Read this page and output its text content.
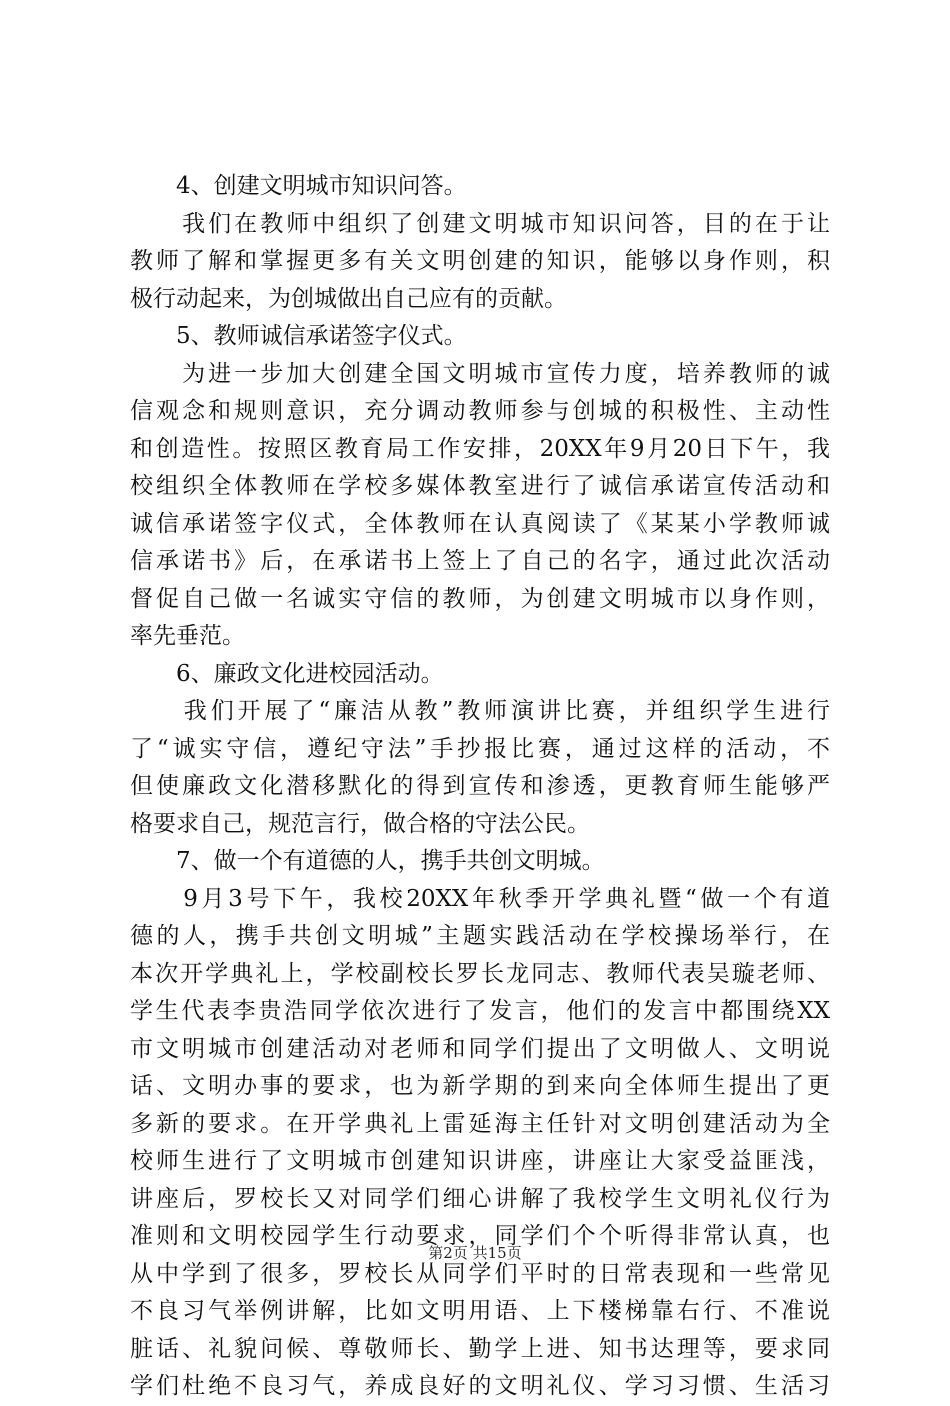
　　4、创建文明城市知识问答。
　　我们在教师中组织了创建文明城市知识问答，目的在于让
教师了解和掌握更多有关文明创建的知识，能够以身作则，积
极行动起来，为创城做出自己应有的贡献。
　　5、教师诚信承诺签字仪式。
　　为进一步加大创建全国文明城市宣传力度，培养教师的诚
信观念和规则意识，充分调动教师参与创城的积极性、主动性
和创造性。按照区教育局工作安排，20XX年9月20日下午，我
校组织全体教师在学校多媒体教室进行了诚信承诺宣传活动和
诚信承诺签字仪式，全体教师在认真阅读了《某某小学教师诚
信承诺书》后，在承诺书上签上了自己的名字，通过此次活动
督促自己做一名诚实守信的教师，为创建文明城市以身作则，
率先垂范。
　　6、廉政文化进校园活动。
　　我们开展了“廉洁从教”教师演讲比赛，并组织学生进行
了“诚实守信，遵纪守法”手抄报比赛，通过这样的活动，不
但使廉政文化潜移默化的得到宣传和渗透，更教育师生能够严
格要求自己，规范言行，做合格的守法公民。
　　7、做一个有道德的人，携手共创文明城。
　　9月3号下午，我校20XX年秋季开学典礼暨“做一个有道
德的人，携手共创文明城”主题实践活动在学校操场举行，在
本次开学典礼上，学校副校长罗长龙同志、教师代表吴璇老师、
学生代表李贵浩同学依次进行了发言，他们的发言中都围绕XX
市文明城市创建活动对老师和同学们提出了文明做人、文明说
话、文明办事的要求，也为新学期的到来向全体师生提出了更
多新的要求。在开学典礼上雷延海主任针对文明创建活动为全
校师生进行了文明城市创建知识讲座，讲座让大家受益匪浅，
讲座后，罗校长又对同学们细心讲解了我校学生文明礼仪行为
准则和文明校园学生行动要求，同学们个个听得非常认真，也
从中学到了很多，罗校长从同学们平时的日常表现和一些常见
不良习气举例讲解，比如文明用语、上下楼梯靠右行、不准说
脏话、礼貌问候、尊敬师长、勤学上进、知书达理等，要求同
学们杜绝不良习气，养成良好的文明礼仪、学习习惯、生活习
第2页 共15页
